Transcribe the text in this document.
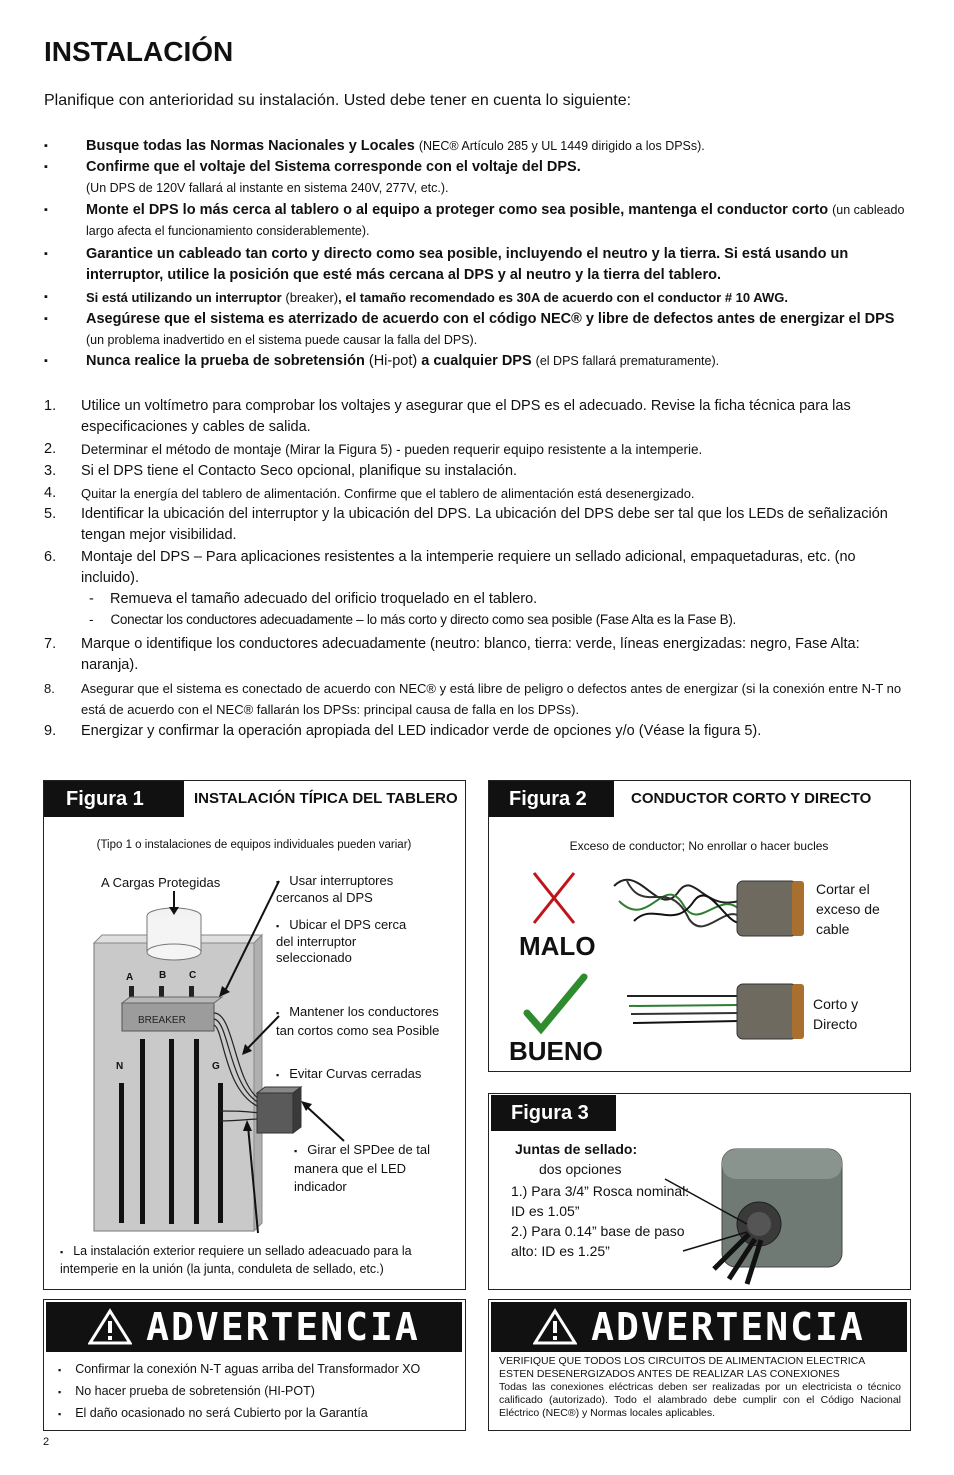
INSTALACIÓN
Planifique con anterioridad su instalación. Usted debe tener en cuenta lo siguiente:
▪	Busque todas las Normas Nacionales y Locales (NEC® Artículo 285 y UL 1449 dirigido a los DPSs).
▪	Confirme que el voltaje del Sistema corresponde con el voltaje del DPS.
(Un DPS de 120V fallará al instante en sistema 240V, 277V, etc.).
▪	Monte el DPS lo más cerca al tablero o al equipo a proteger como sea posible, mantenga el conductor corto (un cableado largo afecta el funcionamiento considerablemente).
▪	Garantice un cableado tan corto y directo como sea posible, incluyendo el neutro y la tierra. Si está usando un interruptor, utilice la posición que esté más cercana al DPS y al neutro y la tierra del tablero.
▪	Si está utilizando un interruptor (breaker), el tamaño recomendado es 30A de acuerdo con el conductor # 10 AWG.
▪	Asegúrese que el sistema es aterrizado de acuerdo con el código NEC® y libre de defectos antes de energizar el DPS (un problema inadvertido en el sistema puede causar la falla del DPS).
▪	Nunca realice la prueba de sobretensión (Hi-pot) a cualquier DPS (el DPS fallará prematuramente).
1. Utilice un voltímetro para comprobar los voltajes y asegurar que el DPS es el adecuado. Revise la ficha técnica para las especificaciones y cables de salida.
2. Determinar el método de montaje (Mirar la Figura 5) - pueden requerir equipo resistente a la intemperie.
3. Si el DPS tiene el Contacto Seco opcional, planifique su instalación.
4. Quitar la energía del tablero de alimentación. Confirme que el tablero de alimentación está desenergizado.
5. Identificar la ubicación del interruptor y la ubicación del DPS. La ubicación del DPS debe ser tal que los LEDs de señalización tengan mejor visibilidad.
6. Montaje del DPS – Para aplicaciones resistentes a la intemperie requiere un sellado adicional, empaquetaduras, etc. (no incluido).
- Remueva el tamaño adecuado del orificio troquelado en el tablero.
- Conectar los conductores adecuadamente – lo más corto y directo como sea posible (Fase Alta es la Fase B).
7. Marque o identifique los conductores adecuadamente (neutro: blanco, tierra: verde, líneas energizadas: negro, Fase Alta: naranja).
8. Asegurar que el sistema es conectado de acuerdo con NEC® y está libre de peligro o defectos antes de energizar (si la conexión entre N-T no está de acuerdo con el NEC® fallarán los DPSs: principal causa de falla en los DPSs).
9. Energizar y confirmar la operación apropiada del LED indicador verde de opciones y/o (Véase la figura 5).
Figura 1	INSTALACIÓN TÍPICA DEL TABLERO
(Tipo 1 o instalaciones de equipos individuales pueden variar)
A Cargas Protegidas
A	B C
BREAKER
N	G
▪ Usar interruptores cercanos al DPS
▪ Ubicar el DPS cerca del interruptor seleccionado
▪ Mantener los conductores tan cortos como sea Posible
▪ Evitar Curvas cerradas
▪ Girar el SPDee de tal manera que el LED indicador
▪ La instalación exterior requiere un sellado adeacuado para la intemperie en la unión (la junta, conduleta de sellado, etc.)
Figura 2	CONDUCTOR CORTO Y DIRECTO
Exceso de conductor; No enrollar o hacer bucles
MALO
BUENO
Cortar el exceso de cable
Corto y Directo
Figura 3
Juntas de sellado:
dos opciones
1.) Para 3/4” Rosca nominal: ID es 1.05”
2.) Para 0.14” base de paso alto: ID es 1.25”
ADVERTENCIA
▪ Confirmar la conexión N-T aguas arriba del Transformador XO
▪ No hacer prueba de sobretensión (HI-POT)
▪ El daño ocasionado no será Cubierto por la Garantía
ADVERTENCIA
VERIFIQUE QUE TODOS LOS CIRCUITOS DE ALIMENTACION ELECTRICA ESTEN DESENERGIZADOS ANTES DE REALIZAR LAS CONEXIONES
Todas las conexiones eléctricas deben ser realizadas por un electricista o técnico calificado (autorizado). Todo el alambrado debe cumplir con el Código Nacional Eléctrico (NEC®) y Normas locales aplicables.
2
